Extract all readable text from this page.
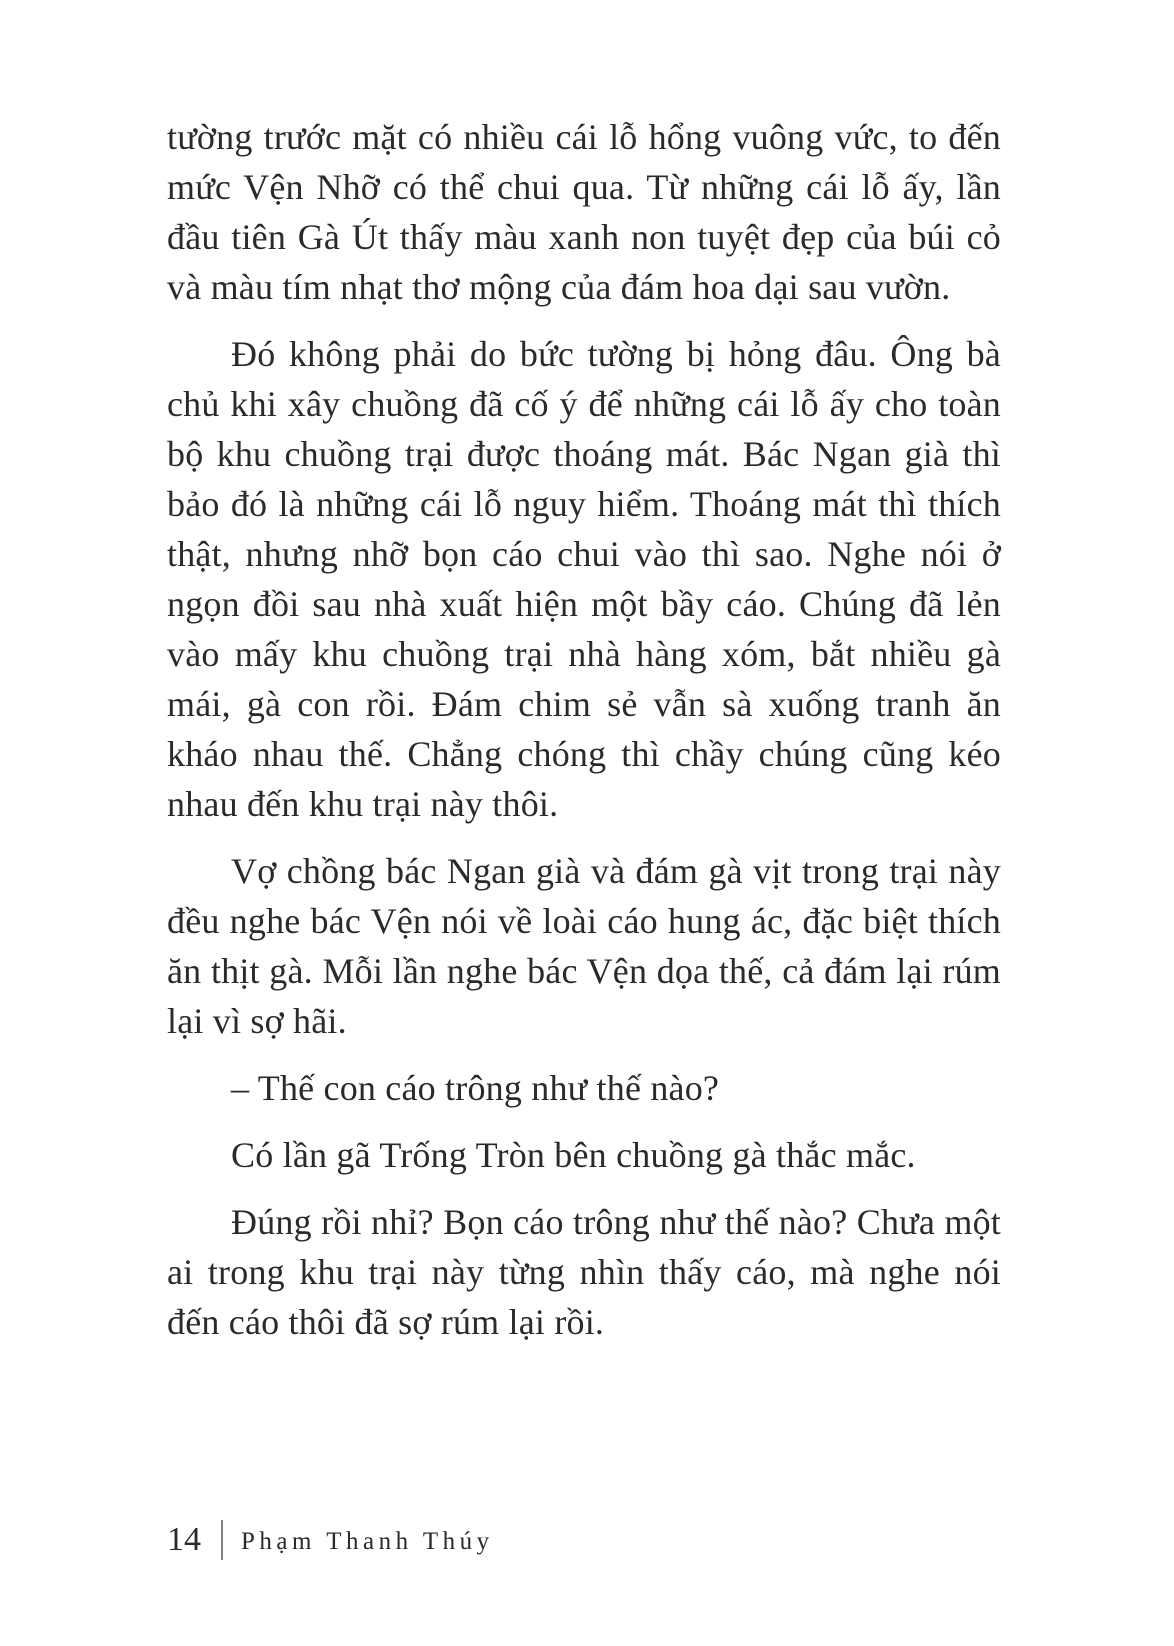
tường trước mặt có nhiều cái lỗ hổng vuông vức, to đến mức Vện Nhỡ có thể chui qua. Từ những cái lỗ ấy, lần đầu tiên Gà Út thấy màu xanh non tuyệt đẹp của búi cỏ và màu tím nhạt thơ mộng của đám hoa dại sau vườn.

Đó không phải do bức tường bị hỏng đâu. Ông bà chủ khi xây chuồng đã cố ý để những cái lỗ ấy cho toàn bộ khu chuồng trại được thoáng mát. Bác Ngan già thì bảo đó là những cái lỗ nguy hiểm. Thoáng mát thì thích thật, nhưng nhỡ bọn cáo chui vào thì sao. Nghe nói ở ngọn đồi sau nhà xuất hiện một bầy cáo. Chúng đã lẻn vào mấy khu chuồng trại nhà hàng xóm, bắt nhiều gà mái, gà con rồi. Đám chim sẻ vẫn sà xuống tranh ăn kháo nhau thế. Chẳng chóng thì chầy chúng cũng kéo nhau đến khu trại này thôi.

Vợ chồng bác Ngan già và đám gà vịt trong trại này đều nghe bác Vện nói về loài cáo hung ác, đặc biệt thích ăn thịt gà. Mỗi lần nghe bác Vện dọa thế, cả đám lại rúm lại vì sợ hãi.

– Thế con cáo trông như thế nào?

Có lần gã Trống Tròn bên chuồng gà thắc mắc.

Đúng rồi nhỉ? Bọn cáo trông như thế nào? Chưa một ai trong khu trại này từng nhìn thấy cáo, mà nghe nói đến cáo thôi đã sợ rúm lại rồi.

14 Phạm Thanh Thúy
